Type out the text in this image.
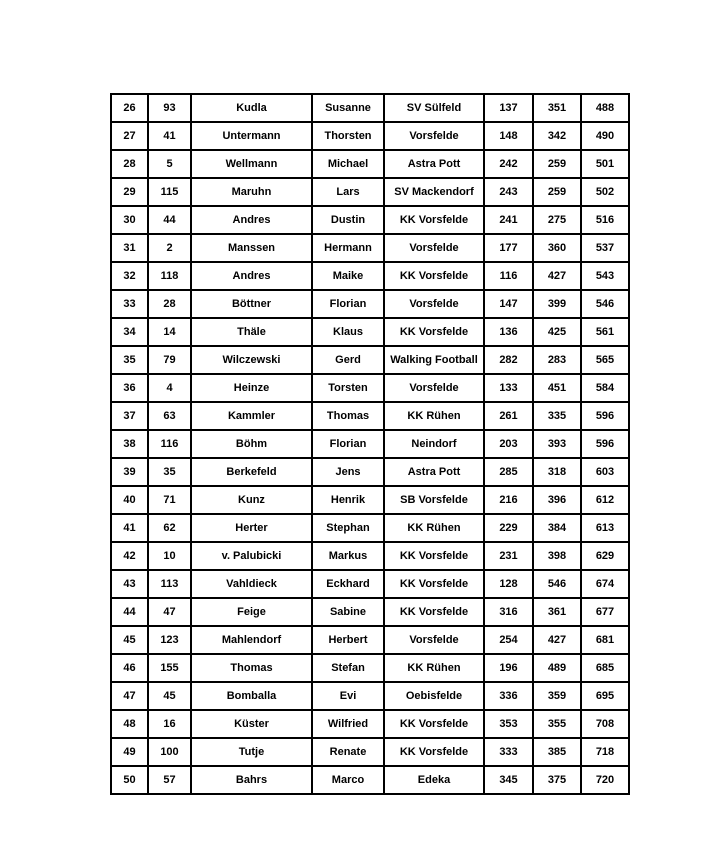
26	93	Kudla	Susanne	SV Sülfeld	137	351	488
27	41	Untermann	Thorsten	Vorsfelde	148	342	490
28	5	Wellmann	Michael	Astra Pott	242	259	501
29	115	Maruhn	Lars	SV Mackendorf	243	259	502
30	44	Andres	Dustin	KK Vorsfelde	241	275	516
31	2	Manssen	Hermann	Vorsfelde	177	360	537
32	118	Andres	Maike	KK Vorsfelde	116	427	543
33	28	Böttner	Florian	Vorsfelde	147	399	546
34	14	Thäle	Klaus	KK Vorsfelde	136	425	561
35	79	Wilczewski	Gerd	Walking Football	282	283	565
36	4	Heinze	Torsten	Vorsfelde	133	451	584
37	63	Kammler	Thomas	KK Rühen	261	335	596
38	116	Böhm	Florian	Neindorf	203	393	596
39	35	Berkefeld	Jens	Astra Pott	285	318	603
40	71	Kunz	Henrik	SB Vorsfelde	216	396	612
41	62	Herter	Stephan	KK Rühen	229	384	613
42	10	v. Palubicki	Markus	KK Vorsfelde	231	398	629
43	113	Vahldieck	Eckhard	KK Vorsfelde	128	546	674
44	47	Feige	Sabine	KK Vorsfelde	316	361	677
45	123	Mahlendorf	Herbert	Vorsfelde	254	427	681
46	155	Thomas	Stefan	KK Rühen	196	489	685
47	45	Bomballa	Evi	Oebisfelde	336	359	695
48	16	Küster	Wilfried	KK Vorsfelde	353	355	708
49	100	Tutje	Renate	KK Vorsfelde	333	385	718
50	57	Bahrs	Marco	Edeka	345	375	720
